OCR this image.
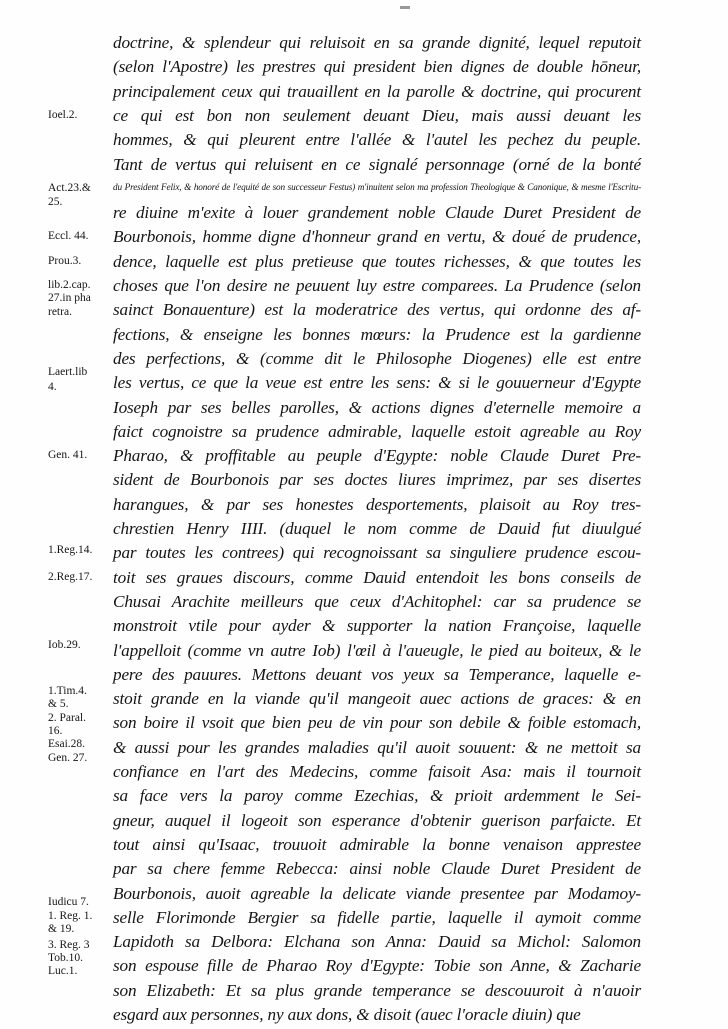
doctrine, & splendeur qui reluisoit en sa grande dignité, lequel reputoit
(selon l'Apostre) les prestres qui president bien dignes de double hōneur,
principalement ceux qui trauaillent en la parolle & doctrine, qui procurent
ce qui est bon non seulement deuant Dieu, mais aussi deuant les
hommes, & qui pleurent entre l'allée & l'autel les pechez du peuple.
Tant de vertus qui reluisent en ce signalé personnage (orné de la bonté
du President Felix, & honoré de l'equité de son successeur Festus) m'inuitent selon ma profession Theologique & Canonique, & mesme l'Escritu-
re diuine m'exite à louer grandement noble Claude Duret President de
Bourbonois, homme digne d'honneur grand en vertu, & doué de prudence,
dence, laquelle est plus pretieuse que toutes richesses, & que toutes les
choses que l'on desire ne peuuent luy estre comparees. La Prudence (selon
sainct Bonauenture) est la moderatrice des vertus, qui ordonne des af-
fections, & enseigne les bonnes mœurs: la Prudence est la gardienne
des perfections, & (comme dit le Philosophe Diogenes) elle est entre
les vertus, ce que la veue est entre les sens: & si le gouuerneur d'Egypte
Ioseph par ses belles parolles, & actions dignes d'eternelle memoire a
faict cognoistre sa prudence admirable, laquelle estoit agreable au Roy
Pharao, & proffitable au peuple d'Egypte: noble Claude Duret Pre-
sident de Bourbonois par ses doctes liures imprimez, par ses disertes
harangues, & par ses honestes desportements, plaisoit au Roy tres-
chrestien Henry IIII. (duquel le nom comme de Dauid fut diuulgué
par toutes les contrees) qui recognoissant sa singuliere prudence escou-
toit ses graues discours, comme Dauid entendoit les bons conseils de
Chusai Arachite meilleurs que ceux d'Achitophel: car sa prudence se
monstroit vtile pour ayder & supporter la nation Françoise, laquelle
l'appelloit (comme vn autre Iob) l'œil à l'aueugle, le pied au boiteux, & le
pere des pauures. Mettons deuant vos yeux sa Temperance, laquelle e-
stoit grande en la viande qu'il mangeoit auec actions de graces: & en
son boire il vsoit que bien peu de vin pour son debile & foible estomach,
& aussi pour les grandes maladies qu'il auoit souuent: & ne mettoit sa
confiance en l'art des Medecins, comme faisoit Asa: mais il tournoit
sa face vers la paroy comme Ezechias, & prioit ardemment le Sei-
gneur, auquel il logeoit son esperance d'obtenir guerison parfaicte. Et
tout ainsi qu'Isaac, trouuoit admirable la bonne venaison apprestee
par sa chere femme Rebecca: ainsi noble Claude Duret President de
Bourbonois, auoit agreable la delicate viande presentee par Modamoy-
selle Florimonde Bergier sa fidelle partie, laquelle il aymoit comme
Lapidoth sa Delbora: Elchana son Anna: Dauid sa Michol: Salomon
son espouse fille de Pharao Roy d'Egypte: Tobie son Anne, & Zacharie
son Elizabeth: Et sa plus grande temperance se descouuroit à n'auoir
esgard aux personnes, ny aux dons, & disoit (auec l'oracle diuin) que
Ioel.2.
Act.23.&
25.
Eccl. 44.
Prou.3.
lib.2.cap.
27.in pha
retra.
Laert.lib
4.
Gen. 41.
1.Reg.14.
2.Reg.17.
Iob.29.
1.Tim.4.
& 5.
2. Paral.
16.
Esai.28.
Gen. 27.
Iudicu 7.
1. Reg. 1.
& 19.
3. Reg. 3
Tob.10.
Luc.1.
